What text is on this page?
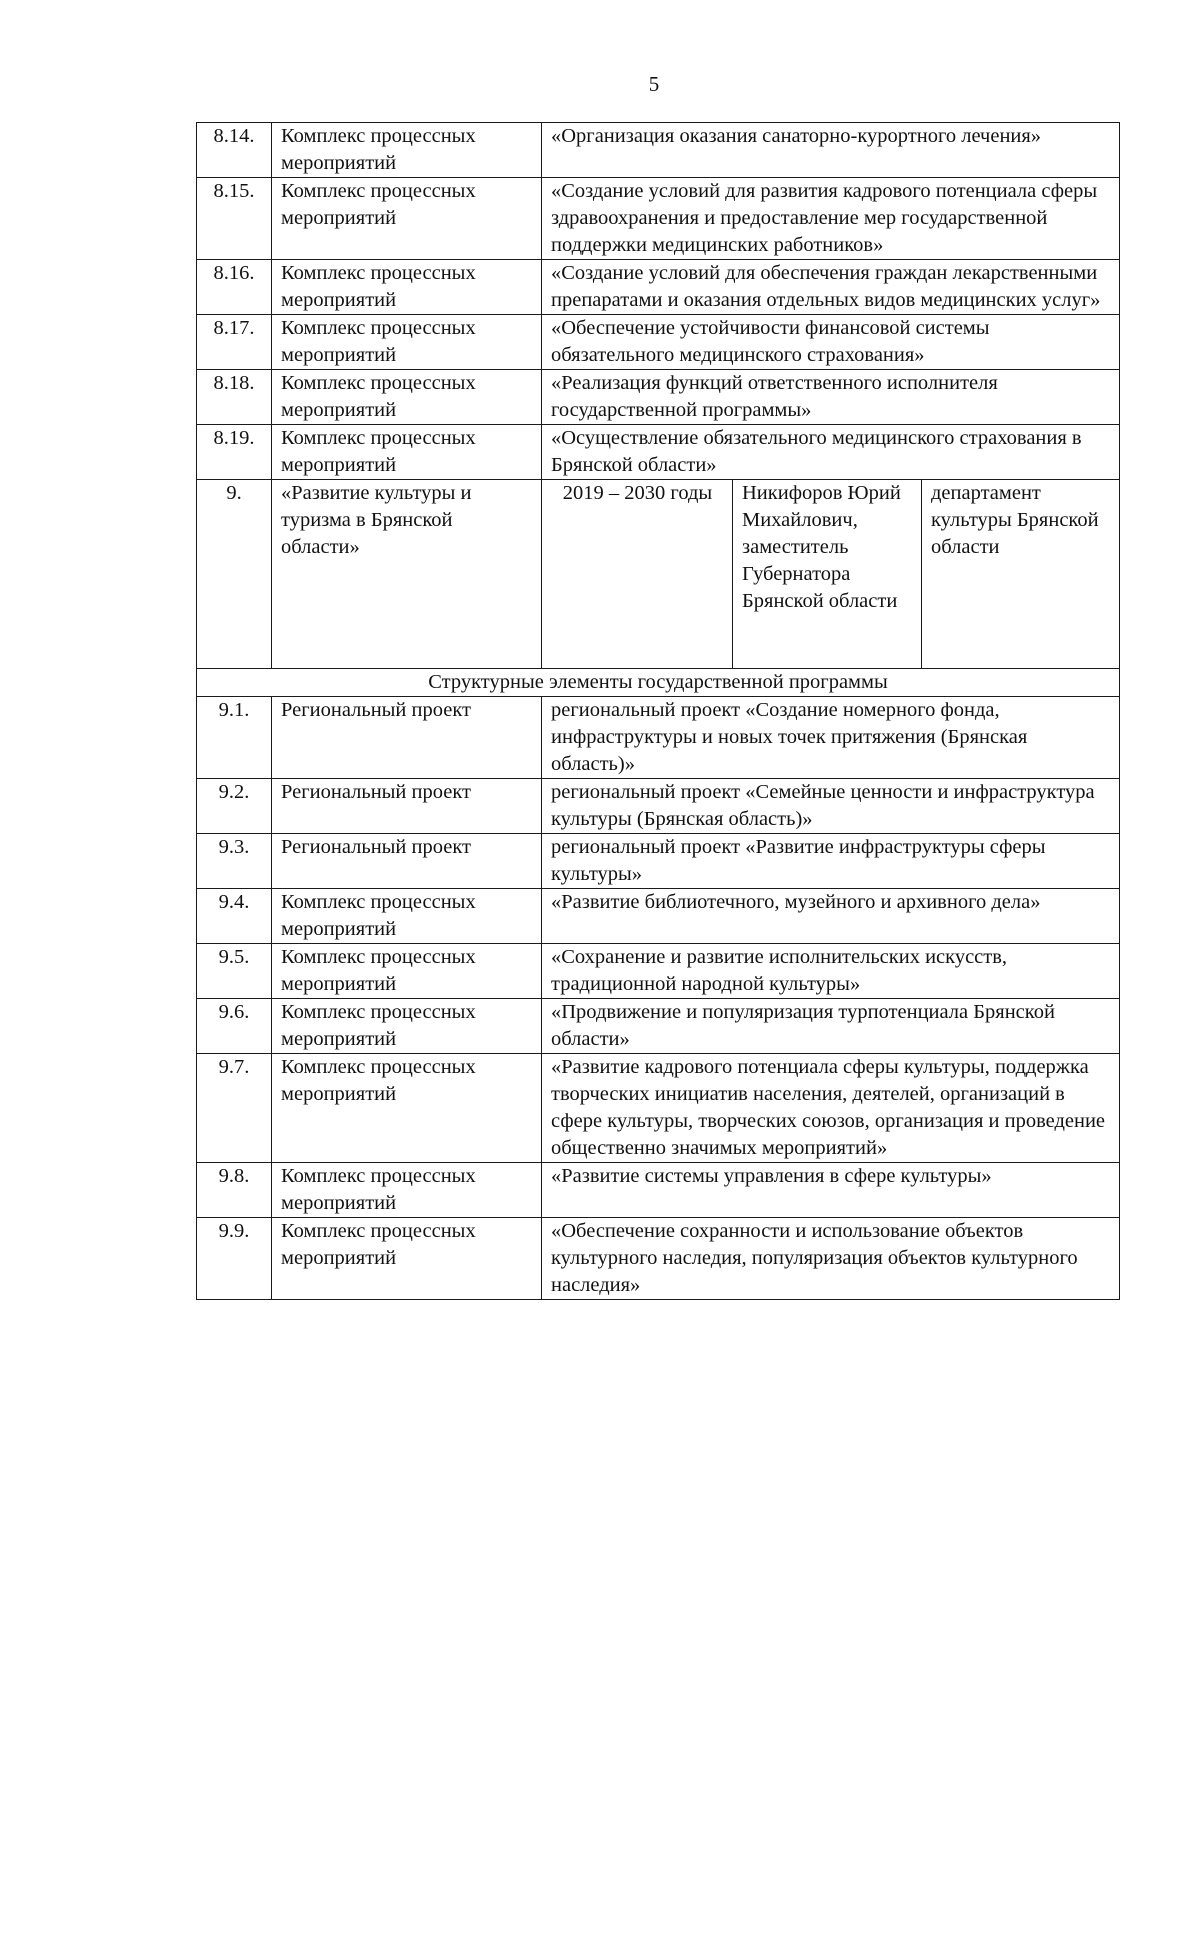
5
8.14.	Комплекс процессных мероприятий	«Организация оказания санаторно-курортного лечения»		
8.15.	Комплекс процессных мероприятий	«Создание условий для развития кадрового потенциала сферы здравоохранения и предоставление мер государственной поддержки медицинских работников»		
8.16.	Комплекс процессных мероприятий	«Создание условий для обеспечения граждан лекарственными препаратами и оказания отдельных видов медицинских услуг»		
8.17.	Комплекс процессных мероприятий	«Обеспечение устойчивости финансовой системы обязательного медицинского страхования»		
8.18.	Комплекс процессных мероприятий	«Реализация функций ответственного исполнителя государственной программы»		
8.19.	Комплекс процессных мероприятий	«Осуществление обязательного медицинского страхования в Брянской области»		
9.	«Развитие культуры и туризма в Брянской области»	2019 – 2030 годы	Никифоров Юрий Михайлович, заместитель Губернатора Брянской области	департамент культуры Брянской области
Структурные элементы государственной программы				
9.1.	Региональный проект	региональный проект «Создание номерного фонда, инфраструктуры и новых точек притяжения (Брянская область)»		
9.2.	Региональный проект	региональный проект «Семейные ценности и инфраструктура культуры (Брянская область)»		
9.3.	Региональный проект	региональный проект «Развитие инфраструктуры сферы культуры»		
9.4.	Комплекс процессных мероприятий	«Развитие библиотечного, музейного и архивного дела»		
9.5.	Комплекс процессных мероприятий	«Сохранение и развитие исполнительских искусств, традиционной народной культуры»		
9.6.	Комплекс процессных мероприятий	«Продвижение и популяризация турпотенциала Брянской области»		
9.7.	Комплекс процессных мероприятий	«Развитие кадрового потенциала сферы культуры, поддержка творческих инициатив населения, деятелей, организаций в сфере культуры, творческих союзов, организация и проведение общественно значимых мероприятий»		
9.8.	Комплекс процессных мероприятий	«Развитие системы управления в сфере культуры»		
9.9.	Комплекс процессных мероприятий	«Обеспечение сохранности и использование объектов культурного наследия, популяризация объектов культурного наследия»		
